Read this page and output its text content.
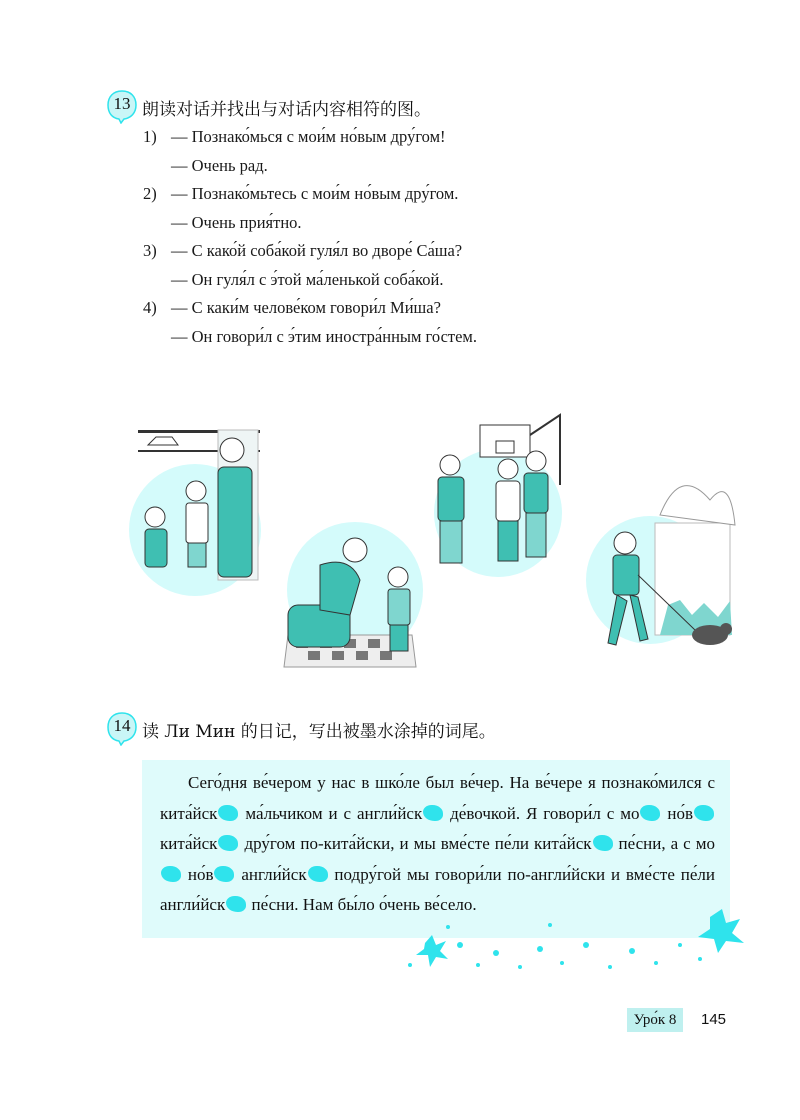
13 朗读对话并找出与对话内容相符的图。
1) — Познако́мься с мои́м но́вым дру́гом!
— Очень рад.
2) — Познако́мьтесь с мои́м но́вым дру́гом.
— Очень прия́тно.
3) — С како́й соба́кой гуля́л во дворе́ Са́ша?
— Он гуля́л с э́той ма́ленькой соба́кой.
4) — С каки́м челове́ком говори́л Ми́ша?
— Он говори́л с э́тим иностра́нным го́стем.
14 读 Ли Мин 的日记，写出被墨水涂掉的词尾。

Сего́дня ве́чером у нас в шко́ле был ве́чер. На ве́чере я познако́мился с кита́йск ма́льчиком и с англи́йск де́вочкой. Я говори́л с мо но́в кита́йск дру́гом по-кита́йски, и мы вме́сте пе́ли кита́йск пе́сни, а с мо но́в англи́йск подру́гой мы говори́ли по-англи́йски и вме́сте пе́ли англи́йск пе́сни. Нам бы́ло о́чень ве́село.

Уро́к 8	145
